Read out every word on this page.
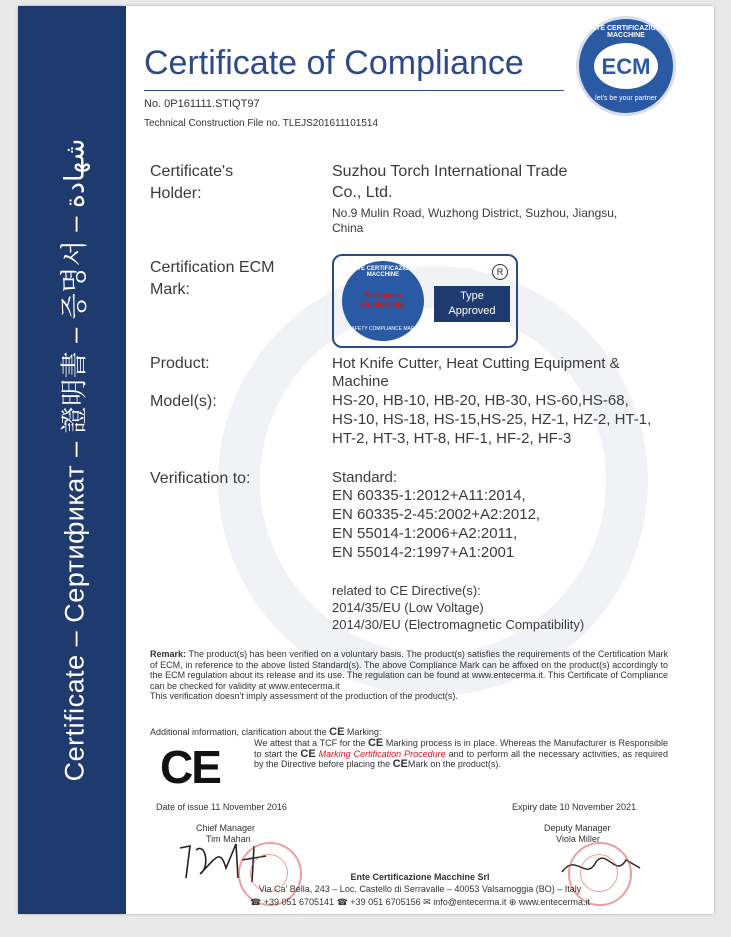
Certificate – Сертификат – 證明書 – 증명서 – شهادة
Certificate of Compliance
No. 0P161111.STIQT97
Technical Construction File no. TLEJS201611101514
ENTE CERTIFICAZIONE MACCHINE
ECM
let's be your partner
Certificate's
Holder:
Suzhou Torch International Trade
Co., Ltd.
No.9 Mulin Road, Wuzhong District, Suzhou, Jiangsu,
China
Certification ECM
Mark:
ENTE CERTIFICAZIONE MACCHINE
European
Conformity
SAFETY COMPLIANCE MARK
R
Type
Approved
Product:	Hot Knife Cutter, Heat Cutting Equipment &
Machine
Model(s):	HS-20, HB-10, HB-20, HB-30, HS-60,HS-68,
HS-10, HS-18, HS-15,HS-25, HZ-1, HZ-2, HT-1,
HT-2, HT-3, HT-8, HF-1, HF-2, HF-3
Verification to:	Standard:
EN 60335-1:2012+A11:2014,
EN 60335-2-45:2002+A2:2012,
EN 55014-1:2006+A2:2011,
EN 55014-2:1997+A1:2001
related to CE Directive(s):
2014/35/EU (Low Voltage)
2014/30/EU (Electromagnetic Compatibility)
Remark: The product(s) has been verified on a voluntary basis. The product(s) satisfies the requirements of the Certification Mark of ECM, in reference to the above listed Standard(s). The above Compliance Mark can be affixed on the product(s) accordingly to the ECM regulation about its release and its use. The regulation can be found at www.entecerma.it. This Certificate of Compliance can be checked for validity at www.entecerma.it
This verification doesn't imply assessment of the production of the product(s).
Additional information, clarification about the CE Marking:
CE	We attest that a TCF for the CE Marking process is in place. Whereas the Manufacturer is Responsible to start the CE Marking Certification Procedure and to perform all the necessary activities, as required by the Directive before placing the CEMark on the product(s).
Date of issue 11 November 2016	Expiry date 10 November 2021
Chief Manager
Tim Mahan
Deputy Manager
Viola Miller
Ente Certificazione Macchine Srl
Via Ca' Bella, 243 – Loc. Castello di Serravalle – 40053 Valsamoggia (BO) – Italy
☎ +39 051 6705141 ☎ +39 051 6705156 ✉ info@entecerma.it ⊕ www.entecerma.it
